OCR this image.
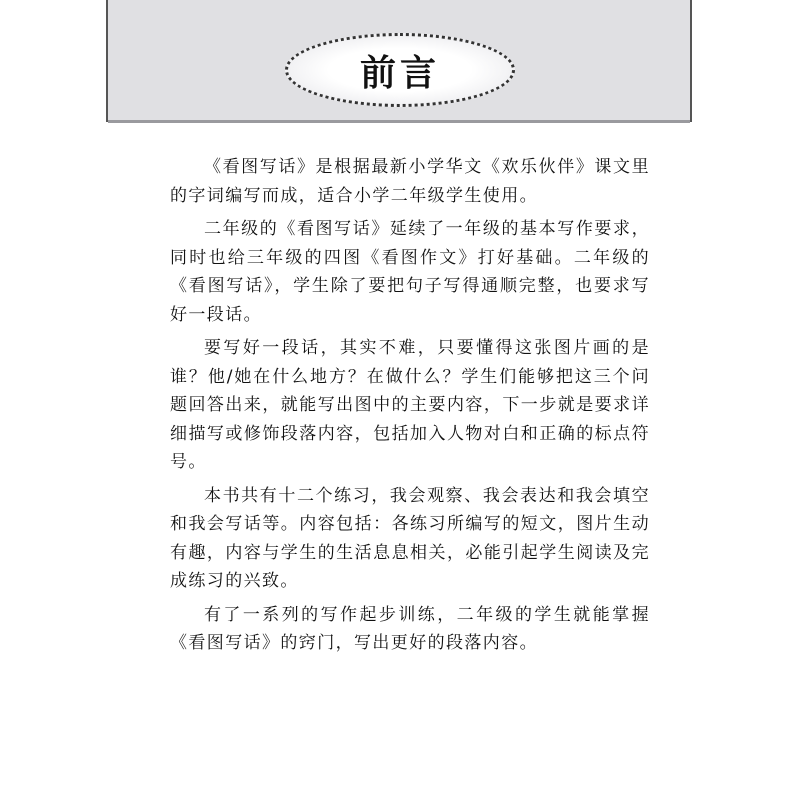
前言

《看图写话》是根据最新小学华文《欢乐伙伴》课文里的字词编写而成，适合小学二年级学生使用。

二年级的《看图写话》延续了一年级的基本写作要求，同时也给三年级的四图《看图作文》打好基础。二年级的《看图写话》，学生除了要把句子写得通顺完整，也要求写好一段话。

要写好一段话，其实不难，只要懂得这张图片画的是谁？他/她在什么地方？在做什么？学生们能够把这三个问题回答出来，就能写出图中的主要内容，下一步就是要求详细描写或修饰段落内容，包括加入人物对白和正确的标点符号。

本书共有十二个练习，我会观察、我会表达和我会填空和我会写话等。内容包括：各练习所编写的短文，图片生动有趣，内容与学生的生活息息相关，必能引起学生阅读及完成练习的兴致。

有了一系列的写作起步训练，二年级的学生就能掌握《看图写话》的窍门，写出更好的段落内容。
